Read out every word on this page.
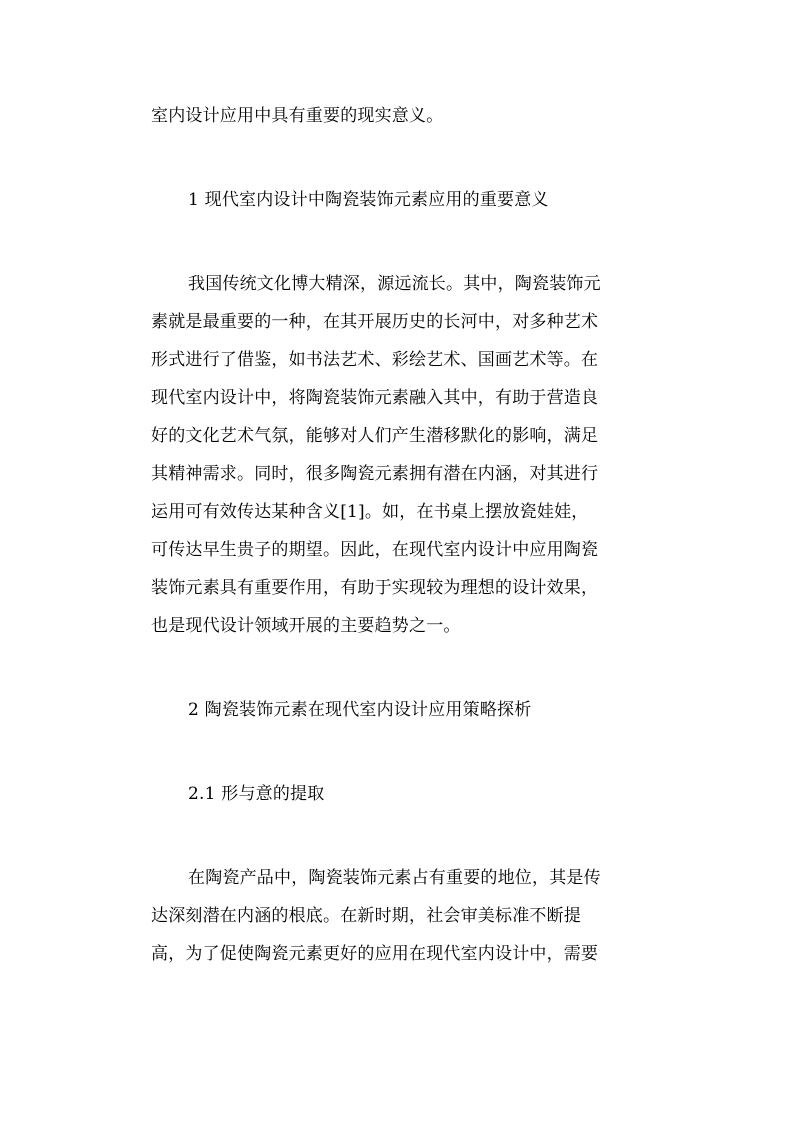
室内设计应用中具有重要的现实意义。
1 现代室内设计中陶瓷装饰元素应用的重要意义
我国传统文化博大精深，源远流长。其中，陶瓷装饰元
素就是最重要的一种，在其开展历史的长河中，对多种艺术
形式进行了借鉴，如书法艺术、彩绘艺术、国画艺术等。在
现代室内设计中，将陶瓷装饰元素融入其中，有助于营造良
好的文化艺术气氛，能够对人们产生潜移默化的影响，满足
其精神需求。同时，很多陶瓷元素拥有潜在内涵，对其进行
运用可有效传达某种含义[1]。如，在书桌上摆放瓷娃娃，
可传达早生贵子的期望。因此，在现代室内设计中应用陶瓷
装饰元素具有重要作用，有助于实现较为理想的设计效果，
也是现代设计领域开展的主要趋势之一。
2 陶瓷装饰元素在现代室内设计应用策略探析
2.1 形与意的提取
在陶瓷产品中，陶瓷装饰元素占有重要的地位，其是传
达深刻潜在内涵的根底。在新时期，社会审美标准不断提
高，为了促使陶瓷元素更好的应用在现代室内设计中，需要
